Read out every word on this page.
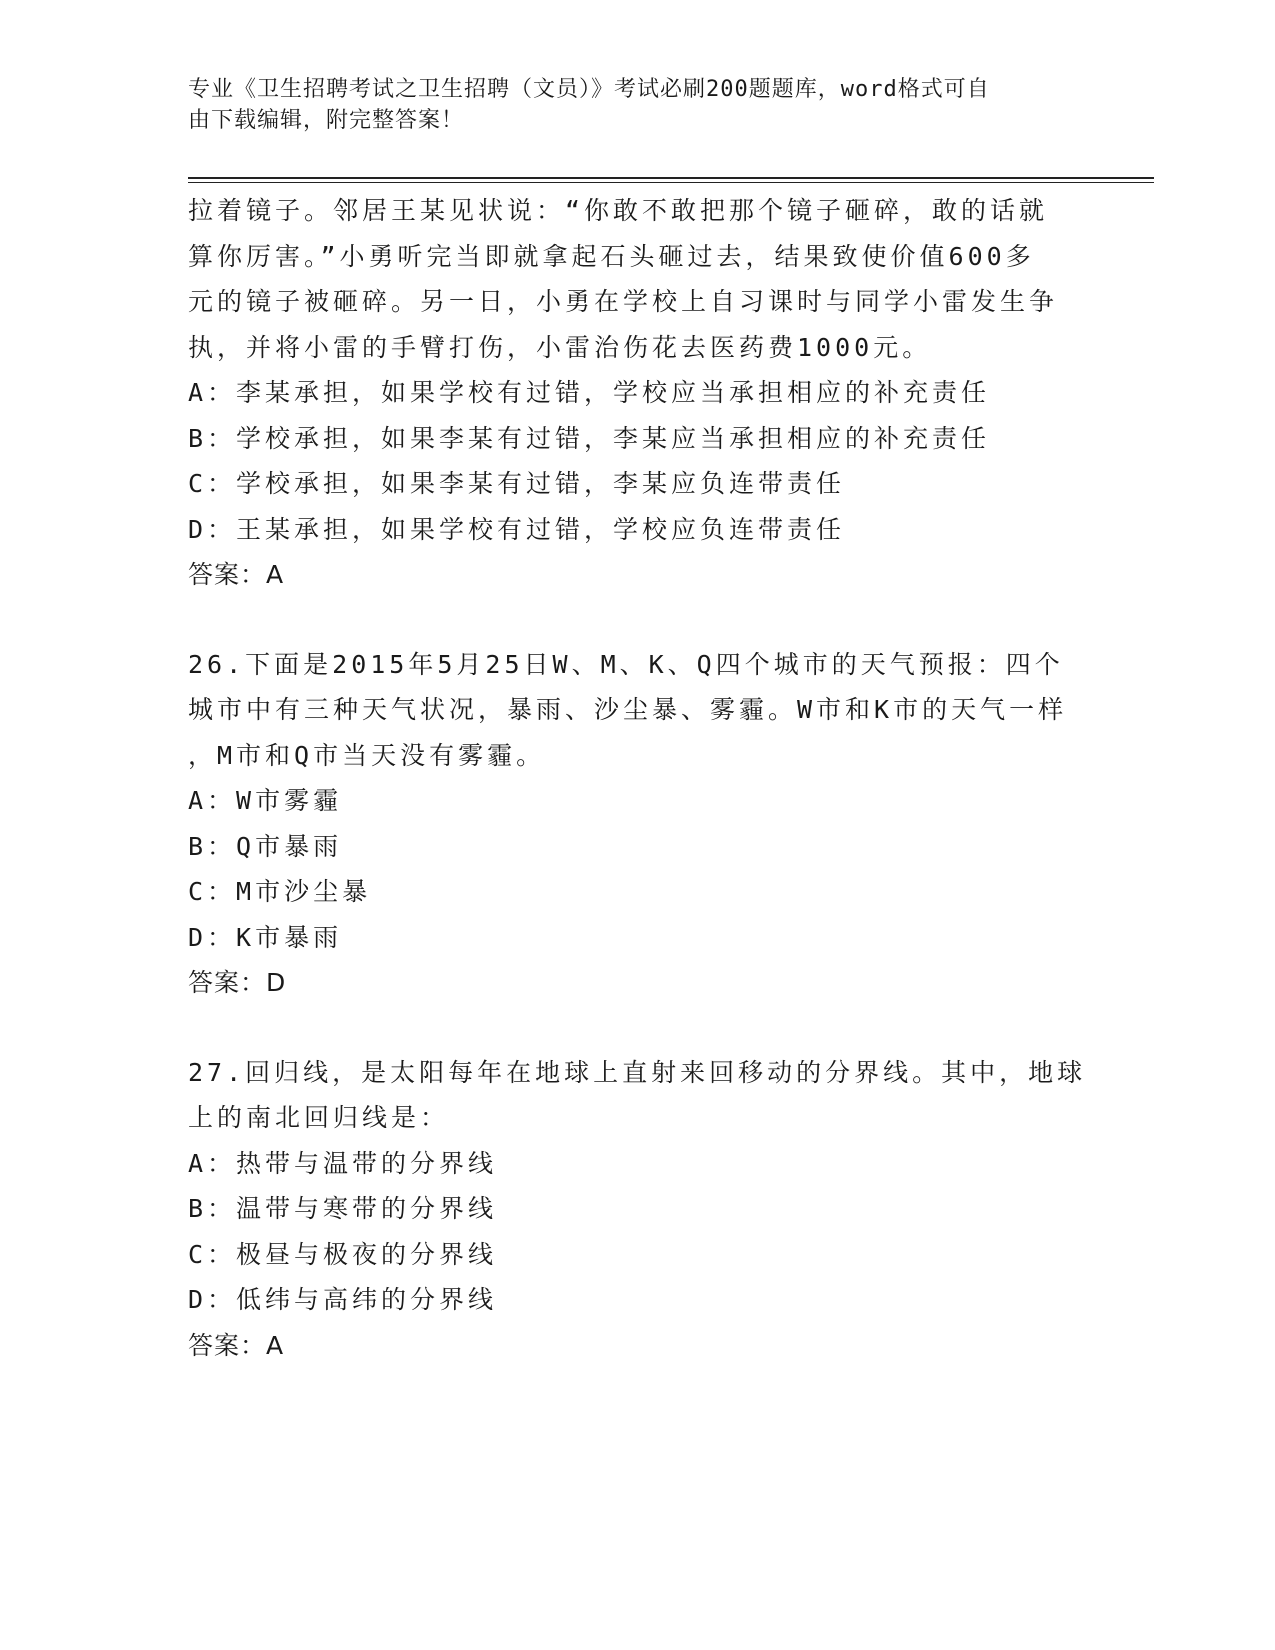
专业《卫生招聘考试之卫生招聘（文员）》考试必刷200题题库，word格式可自
由下载编辑，附完整答案！
拉着镜子。邻居王某见状说：“你敢不敢把那个镜子砸碎，敢的话就
算你厉害。”小勇听完当即就拿起石头砸过去，结果致使价值600多
元的镜子被砸碎。另一日，小勇在学校上自习课时与同学小雷发生争
执，并将小雷的手臂打伤，小雷治伤花去医药费1000元。
A：李某承担，如果学校有过错，学校应当承担相应的补充责任
B：学校承担，如果李某有过错，李某应当承担相应的补充责任
C：学校承担，如果李某有过错，李某应负连带责任
D：王某承担，如果学校有过错，学校应负连带责任
答案：A
26.下面是2015年5月25日W、M、K、Q四个城市的天气预报：四个
城市中有三种天气状况，暴雨、沙尘暴、雾霾。W市和K市的天气一样
，M市和Q市当天没有雾霾。
A：W市雾霾
B：Q市暴雨
C：M市沙尘暴
D：K市暴雨
答案：D
27.回归线，是太阳每年在地球上直射来回移动的分界线。其中，地球
上的南北回归线是：
A：热带与温带的分界线
B：温带与寒带的分界线
C：极昼与极夜的分界线
D：低纬与高纬的分界线
答案：A
